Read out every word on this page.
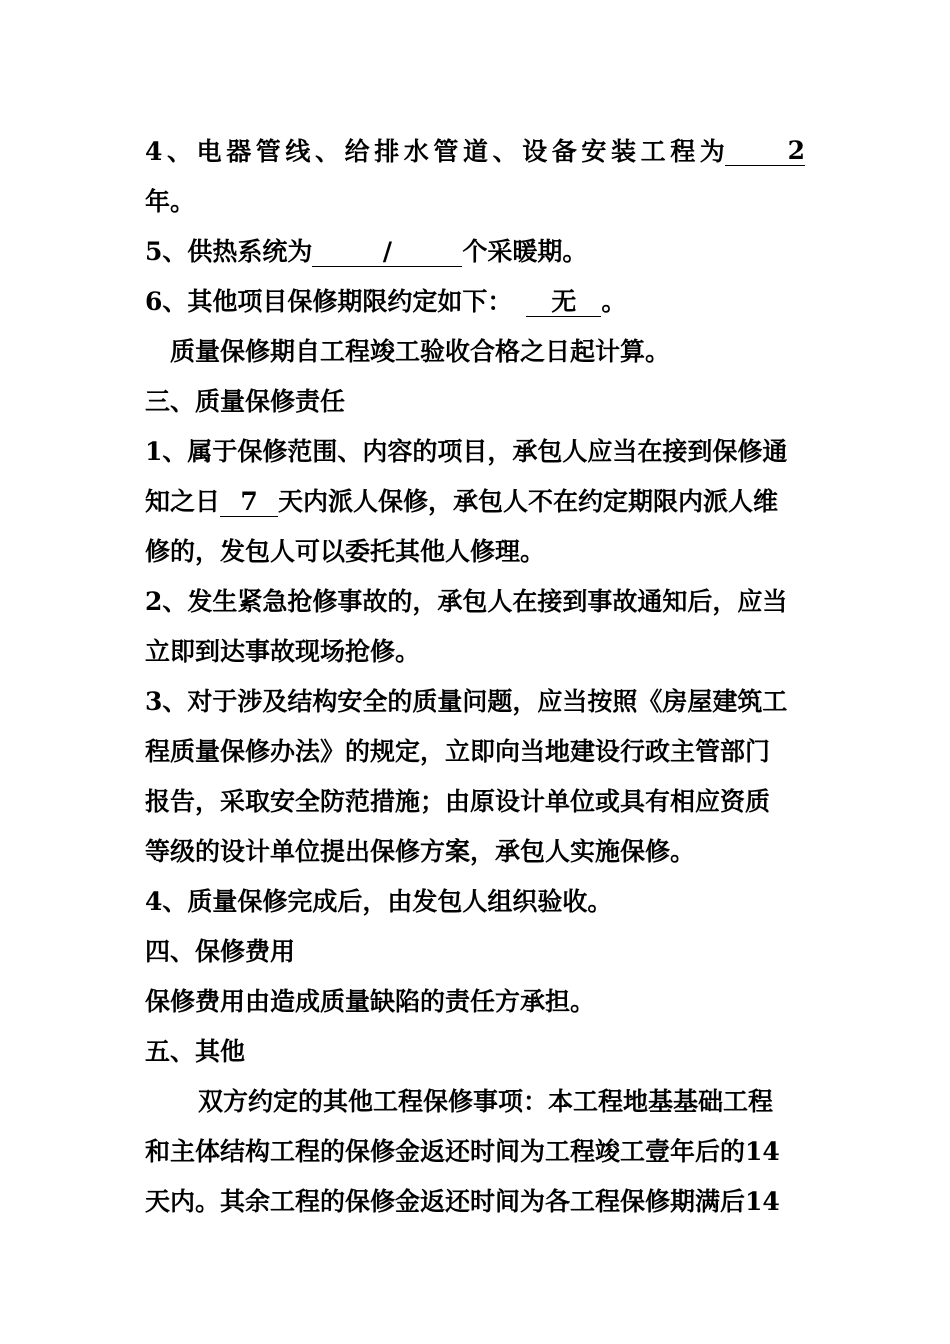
4、电器管线、给排水管道、设备安装工程为	2
年。
5、供热系统为	/	个采暖期。
6、其他项目保修期限约定如下： 无 。
质量保修期自工程竣工验收合格之日起计算。
三、质量保修责任
1、属于保修范围、内容的项目，承包人应当在接到保修通
知之日 7 天内派人保修，承包人不在约定期限内派人维
修的，发包人可以委托其他人修理。
2、发生紧急抢修事故的，承包人在接到事故通知后，应当
立即到达事故现场抢修。
3、对于涉及结构安全的质量问题，应当按照《房屋建筑工
程质量保修办法》的规定，立即向当地建设行政主管部门
报告，采取安全防范措施；由原设计单位或具有相应资质
等级的设计单位提出保修方案，承包人实施保修。
4、质量保修完成后，由发包人组织验收。
四、保修费用
保修费用由造成质量缺陷的责任方承担。
五、其他
双方约定的其他工程保修事项：本工程地基基础工程
和主体结构工程的保修金返还时间为工程竣工壹年后的14
天内。其余工程的保修金返还时间为各工程保修期满后14
